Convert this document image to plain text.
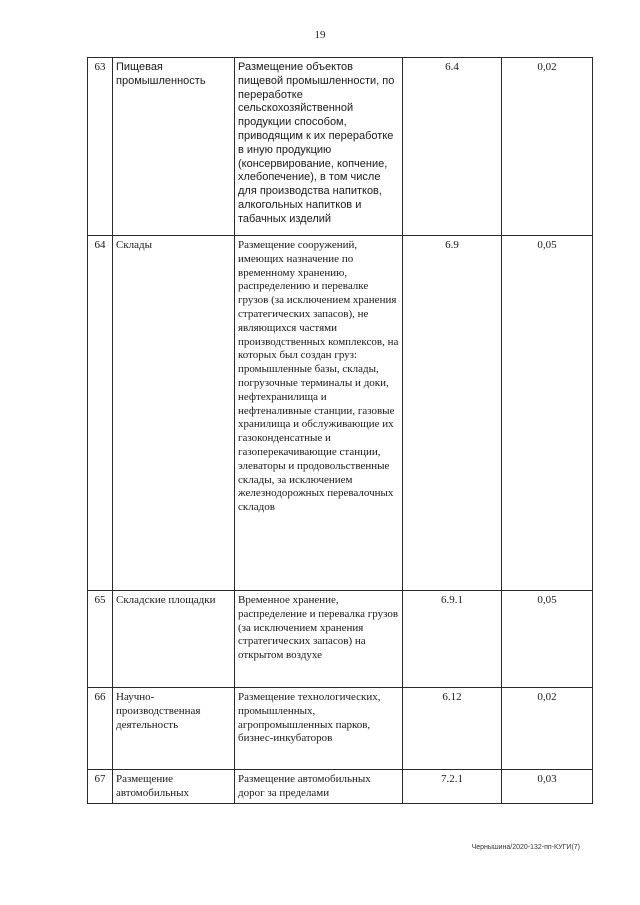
19
63	Пищевая промышленность	Размещение объектов пищевой промышленности, по переработке сельскохозяйственной продукции способом, приводящим к их переработке в иную продукцию (консервирование, копчение, хлебопечение), в том числе для производства напитков, алкогольных напитков и табачных изделий	6.4	0,02
64	Склады	Размещение сооружений, имеющих назначение по временному хранению, распределению и перевалке грузов (за исключением хранения стратегических запасов), не являющихся частями производственных комплексов, на которых был создан груз: промышленные базы, склады, погрузочные терминалы и доки, нефтехранилища и нефтеналивные станции, газовые хранилища и обслуживающие их газоконденсатные и газоперекачивающие станции, элеваторы и продовольственные склады, за исключением железнодорожных перевалочных складов	6.9	0,05
65	Складские площадки	Временное хранение, распределение и перевалка грузов (за исключением хранения стратегических запасов) на открытом воздухе	6.9.1	0,05
66	Научно-производственная деятельность	Размещение технологических, промышленных, агропромышленных парков, бизнес-инкубаторов	6.12	0,02
67	Размещение автомобильных	Размещение автомобильных дорог за пределами	7.2.1	0,03
Чернышина/2020-132-пп-КУГИ(7)
